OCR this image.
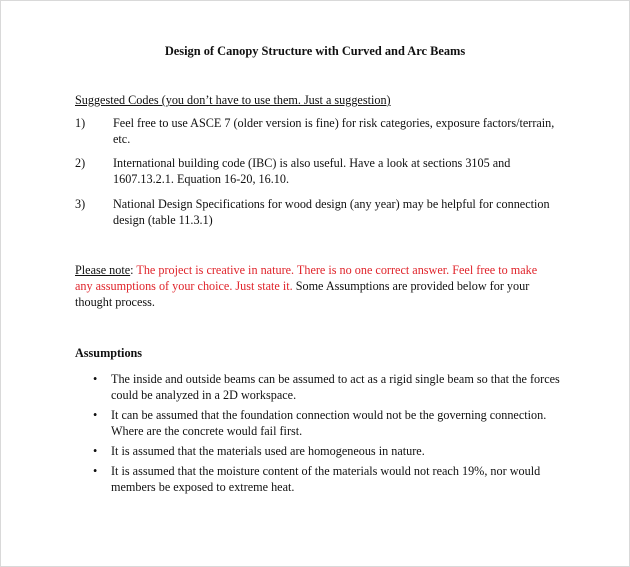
Design of Canopy Structure with Curved and Arc Beams
Suggested Codes (you don’t have to use them. Just a suggestion)
1) Feel free to use ASCE 7 (older version is fine) for risk categories, exposure factors/terrain, etc.
2) International building code (IBC) is also useful. Have a look at sections 3105 and 1607.13.2.1. Equation 16-20, 16.10.
3) National Design Specifications for wood design (any year) may be helpful for connection design (table 11.3.1)
Please note: The project is creative in nature. There is no one correct answer. Feel free to make any assumptions of your choice. Just state it. Some Assumptions are provided below for your thought process.
Assumptions
• The inside and outside beams can be assumed to act as a rigid single beam so that the forces could be analyzed in a 2D workspace.
• It can be assumed that the foundation connection would not be the governing connection. Where are the concrete would fail first.
• It is assumed that the materials used are homogeneous in nature.
• It is assumed that the moisture content of the materials would not reach 19%, nor would members be exposed to extreme heat.
